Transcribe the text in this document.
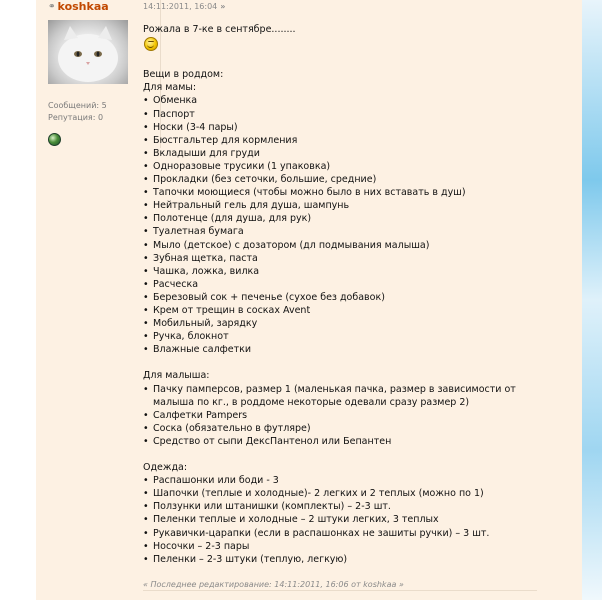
⚭ koshkaa
Сообщений: 5
Репутация: 0
14:11:2011, 16:04 »
Рожала в 7-ке в сентябре........
Вещи в роддом:
Для мамы:
• Обменка
• Паспорт
• Носки (3-4 пары)
• Бюстгальтер для кормления
• Вкладыши для груди
• Одноразовые трусики (1 упаковка)
• Прокладки (без сеточки, большие, средние)
• Тапочки моющиеся (чтобы можно было в них вставать в душ)
• Нейтральный гель для душа, шампунь
• Полотенце (для душа, для рук)
• Туалетная бумага
• Мыло (детское) с дозатором (дл подмывания малыша)
• Зубная щетка, паста
• Чашка, ложка, вилка
• Расческа
• Березовый сок + печенье (сухое без добавок)
• Крем от трещин в сосках Avent
• Мобильный, зарядку
• Ручка, блокнот
• Влажные салфетки
Для малыша:
• Пачку памперсов, размер 1 (маленькая пачка, размер в зависимости от малыша по кг., в роддоме некоторые одевали сразу размер 2)
• Салфетки Pampers
• Соска (обязательно в футляре)
• Средство от сыпи ДексПантенол или Бепантен
Одежда:
• Распашонки или боди - 3
• Шапочки (теплые и холодные)- 2 легких и 2 теплых (можно по 1)
• Ползунки или штанишки (комплекты) – 2-3 шт.
• Пеленки теплые и холодные – 2 штуки легких, 3 теплых
• Рукавички-царапки (если в распашонках не зашиты ручки) – 3 шт.
• Носочки – 2-3 пары
• Пеленки – 2-3 штуки (теплую, легкую)
« Последнее редактирование: 14:11:2011, 16:06 от koshkaa »
